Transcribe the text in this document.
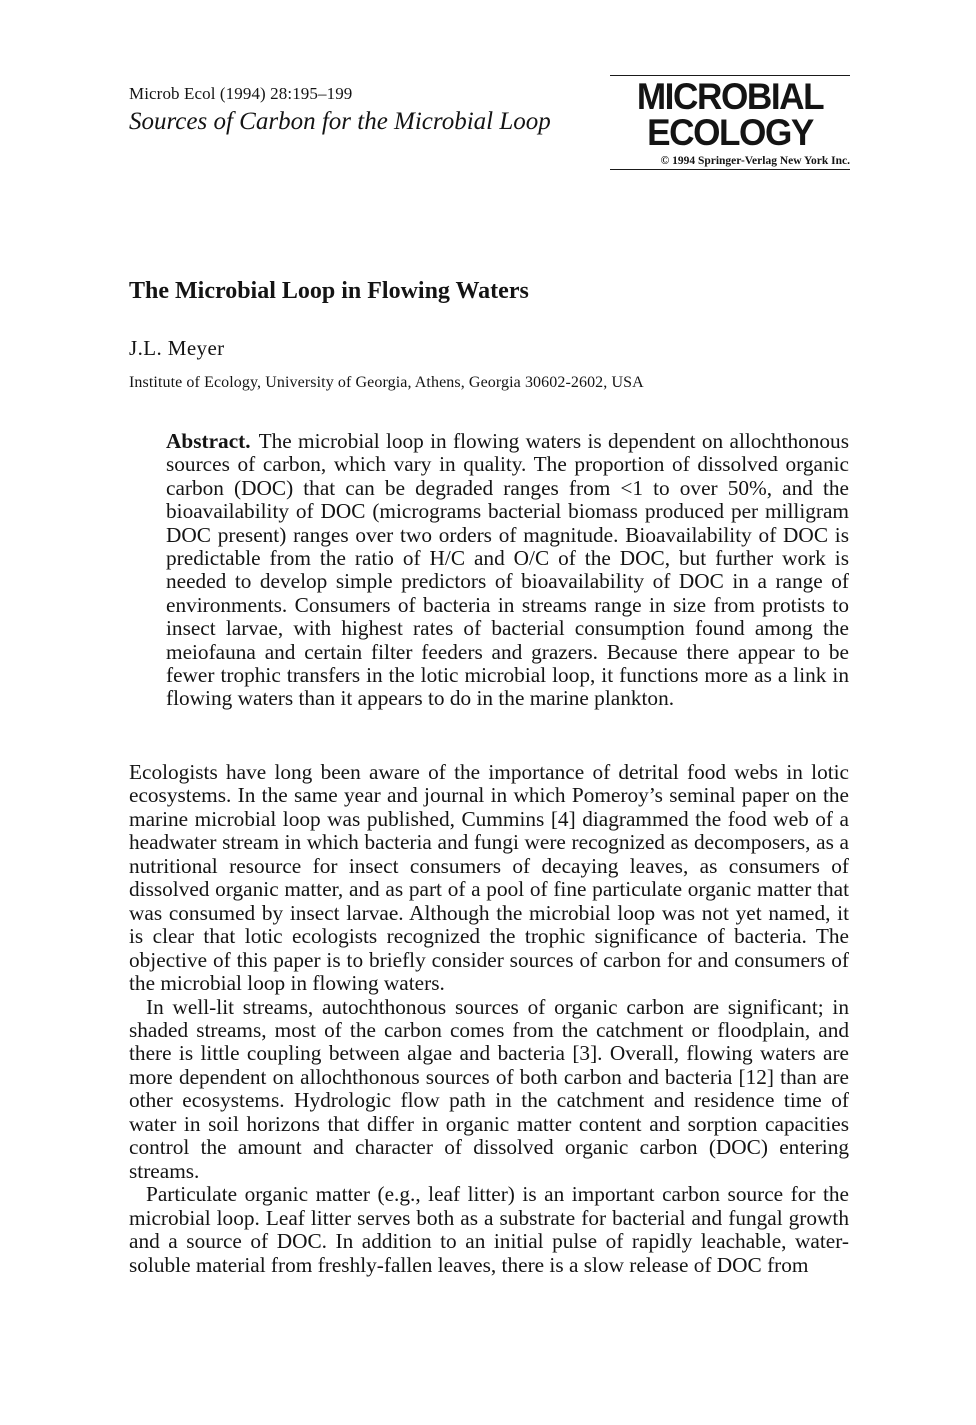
Microb Ecol (1994) 28:195–199
Sources of Carbon for the Microbial Loop
MICROBIAL
ECOLOGY
© 1994 Springer-Verlag New York Inc.
The Microbial Loop in Flowing Waters
J.L. Meyer
Institute of Ecology, University of Georgia, Athens, Georgia 30602-2602, USA
Abstract. The microbial loop in flowing waters is dependent on allochthonous sources of carbon, which vary in quality. The proportion of dissolved organic carbon (DOC) that can be degraded ranges from <1 to over 50%, and the bioavailability of DOC (micrograms bacterial biomass produced per milligram DOC present) ranges over two orders of magnitude. Bioavailability of DOC is predictable from the ratio of H/C and O/C of the DOC, but further work is needed to develop simple predictors of bioavailability of DOC in a range of environments. Consumers of bacteria in streams range in size from protists to insect larvae, with highest rates of bacterial consumption found among the meiofauna and certain filter feeders and grazers. Because there appear to be fewer trophic transfers in the lotic microbial loop, it functions more as a link in flowing waters than it appears to do in the marine plankton.

Ecologists have long been aware of the importance of detrital food webs in lotic ecosystems. In the same year and journal in which Pomeroy’s seminal paper on the marine microbial loop was published, Cummins [4] diagrammed the food web of a headwater stream in which bacteria and fungi were recognized as decomposers, as a nutritional resource for insect consumers of decaying leaves, as consumers of dissolved organic matter, and as part of a pool of fine particulate organic matter that was consumed by insect larvae. Although the microbial loop was not yet named, it is clear that lotic ecologists recognized the trophic significance of bacteria. The objective of this paper is to briefly consider sources of carbon for and consumers of the microbial loop in flowing waters.

In well-lit streams, autochthonous sources of organic carbon are significant; in shaded streams, most of the carbon comes from the catchment or floodplain, and there is little coupling between algae and bacteria [3]. Overall, flowing waters are more dependent on allochthonous sources of both carbon and bacteria [12] than are other ecosystems. Hydrologic flow path in the catchment and residence time of water in soil horizons that differ in organic matter content and sorption capacities control the amount and character of dissolved organic carbon (DOC) entering streams.

Particulate organic matter (e.g., leaf litter) is an important carbon source for the microbial loop. Leaf litter serves both as a substrate for bacterial and fungal growth and a source of DOC. In addition to an initial pulse of rapidly leachable, water-soluble material from freshly-fallen leaves, there is a slow release of DOC from
